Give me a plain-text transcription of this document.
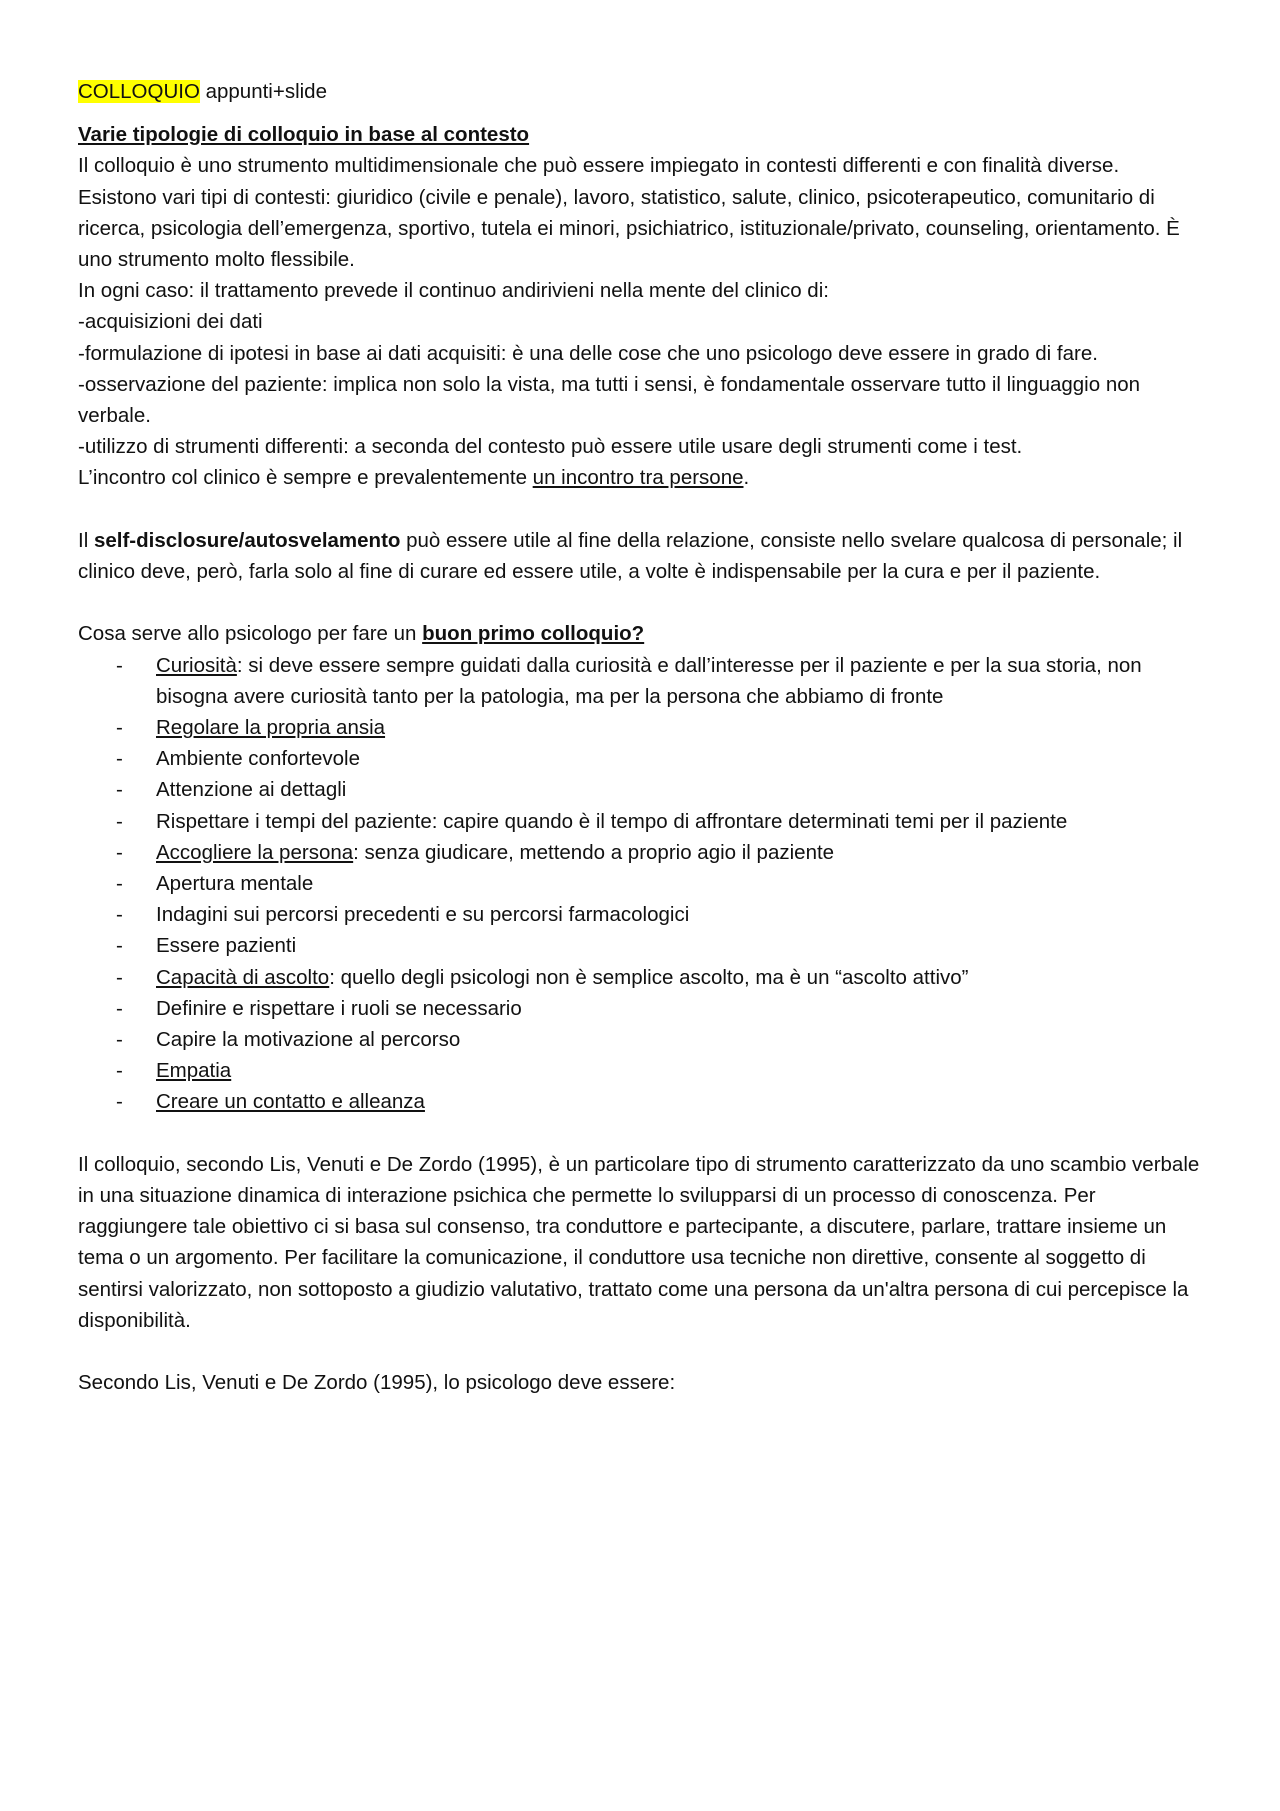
COLLOQUIO appunti+slide

Varie tipologie di colloquio in base al contesto

Il colloquio è uno strumento multidimensionale che può essere impiegato in contesti differenti e con finalità diverse.

Esistono vari tipi di contesti: giuridico (civile e penale), lavoro, statistico, salute, clinico, psicoterapeutico, comunitario di ricerca, psicologia dell’emergenza, sportivo, tutela ei minori, psichiatrico, istituzionale/privato, counseling, orientamento. È uno strumento molto flessibile.

In ogni caso: il trattamento prevede il continuo andirivieni nella mente del clinico di:

-acquisizioni dei dati

-formulazione di ipotesi in base ai dati acquisiti: è una delle cose che uno psicologo deve essere in grado di fare.

-osservazione del paziente: implica non solo la vista, ma tutti i sensi, è fondamentale osservare tutto il linguaggio non verbale.

-utilizzo di strumenti differenti: a seconda del contesto può essere utile usare degli strumenti come i test.

L’incontro col clinico è sempre e prevalentemente un incontro tra persone.

Il self-disclosure/autosvelamento può essere utile al fine della relazione, consiste nello svelare qualcosa di personale; il clinico deve, però, farla solo al fine di curare ed essere utile, a volte è indispensabile per la cura e per il paziente.

Cosa serve allo psicologo per fare un buon primo colloquio?

- Curiosità: si deve essere sempre guidati dalla curiosità e dall’interesse per il paziente e per la sua storia, non bisogna avere curiosità tanto per la patologia, ma per la persona che abbiamo di fronte
- Regolare la propria ansia
- Ambiente confortevole
- Attenzione ai dettagli
- Rispettare i tempi del paziente: capire quando è il tempo di affrontare determinati temi per il paziente
- Accogliere la persona: senza giudicare, mettendo a proprio agio il paziente
- Apertura mentale
- Indagini sui percorsi precedenti e su percorsi farmacologici
- Essere pazienti
- Capacità di ascolto: quello degli psicologi non è semplice ascolto, ma è un “ascolto attivo”
- Definire e rispettare i ruoli se necessario
- Capire la motivazione al percorso
- Empatia
- Creare un contatto e alleanza

Il colloquio, secondo Lis, Venuti e De Zordo (1995), è un particolare tipo di strumento caratterizzato da uno scambio verbale in una situazione dinamica di interazione psichica che permette lo svilupparsi di un processo di conoscenza. Per raggiungere tale obiettivo ci si basa sul consenso, tra conduttore e partecipante, a discutere, parlare, trattare insieme un tema o un argomento. Per facilitare la comunicazione, il conduttore usa tecniche non direttive, consente al soggetto di sentirsi valorizzato, non sottoposto a giudizio valutativo, trattato come una persona da un'altra persona di cui percepisce la disponibilità.

Secondo Lis, Venuti e De Zordo (1995), lo psicologo deve essere:
